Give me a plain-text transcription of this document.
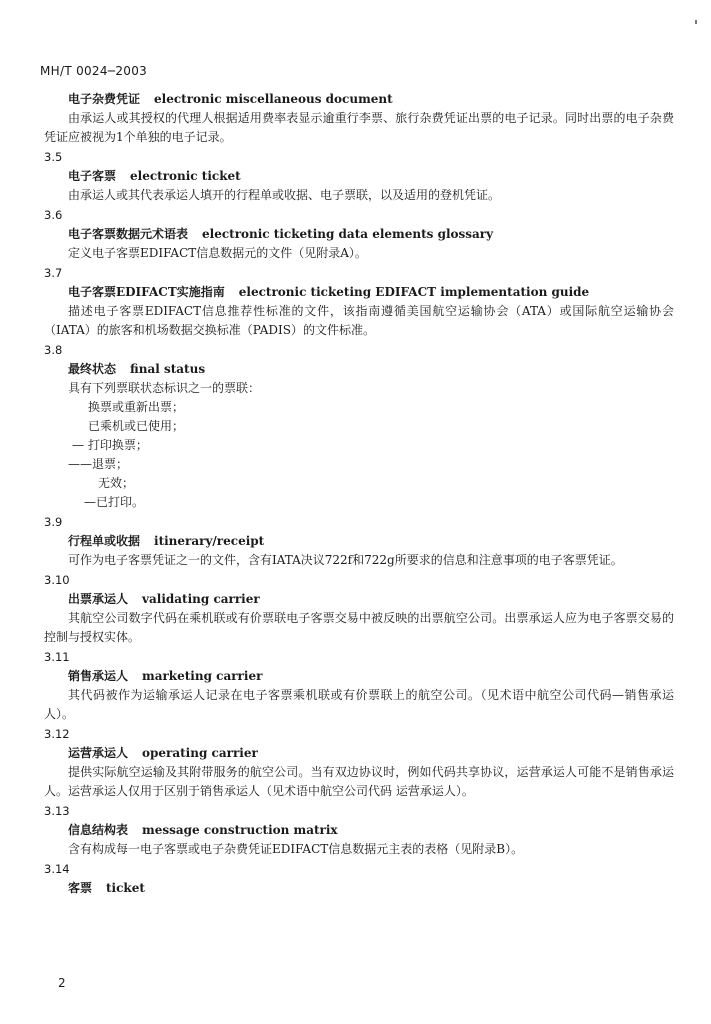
MH/T 0024─2003
电子杂费凭证 electronic miscellaneous document
由承运人或其授权的代理人根据适用费率表显示逾重行李票、旅行杂费凭证出票的电子记录。同时出票的电子杂费凭证应被视为1个单独的电子记录。
3.5
电子客票 electronic ticket
由承运人或其代表承运人填开的行程单或收据、电子票联，以及适用的登机凭证。
3.6
电子客票数据元术语表 electronic ticketing data elements glossary
定义电子客票EDIFACT信息数据元的文件（见附录A）。
3.7
电子客票EDIFACT实施指南 electronic ticketing EDIFACT implementation guide
描述电子客票EDIFACT信息推荐性标准的文件，该指南遵循美国航空运输协会（ATA）或国际航空运输协会（IATA）的旅客和机场数据交换标准（PADIS）的文件标准。
3.8
最终状态 final status
具有下列票联状态标识之一的票联：
换票或重新出票；
已乘机或已使用；
— 打印换票；
——退票；
无效；
—已打印。
3.9
行程单或收据 itinerary/receipt
可作为电子客票凭证之一的文件，含有IATA决议722f和722g所要求的信息和注意事项的电子客票凭证。
3.10
出票承运人 validating carrier
其航空公司数字代码在乘机联或有价票联电子客票交易中被反映的出票航空公司。出票承运人应为电子客票交易的控制与授权实体。
3.11
销售承运人 marketing carrier
其代码被作为运输承运人记录在电子客票乘机联或有价票联上的航空公司。（见术语中航空公司代码—销售承运人）。
3.12
运营承运人 operating carrier
提供实际航空运输及其附带服务的航空公司。当有双边协议时，例如代码共享协议，运营承运人可能不是销售承运人。运营承运人仅用于区别于销售承运人（见术语中航空公司代码 运营承运人）。
3.13
信息结构表 message construction matrix
含有构成每一电子客票或电子杂费凭证EDIFACT信息数据元主表的表格（见附录B）。
3.14
客票 ticket
2
